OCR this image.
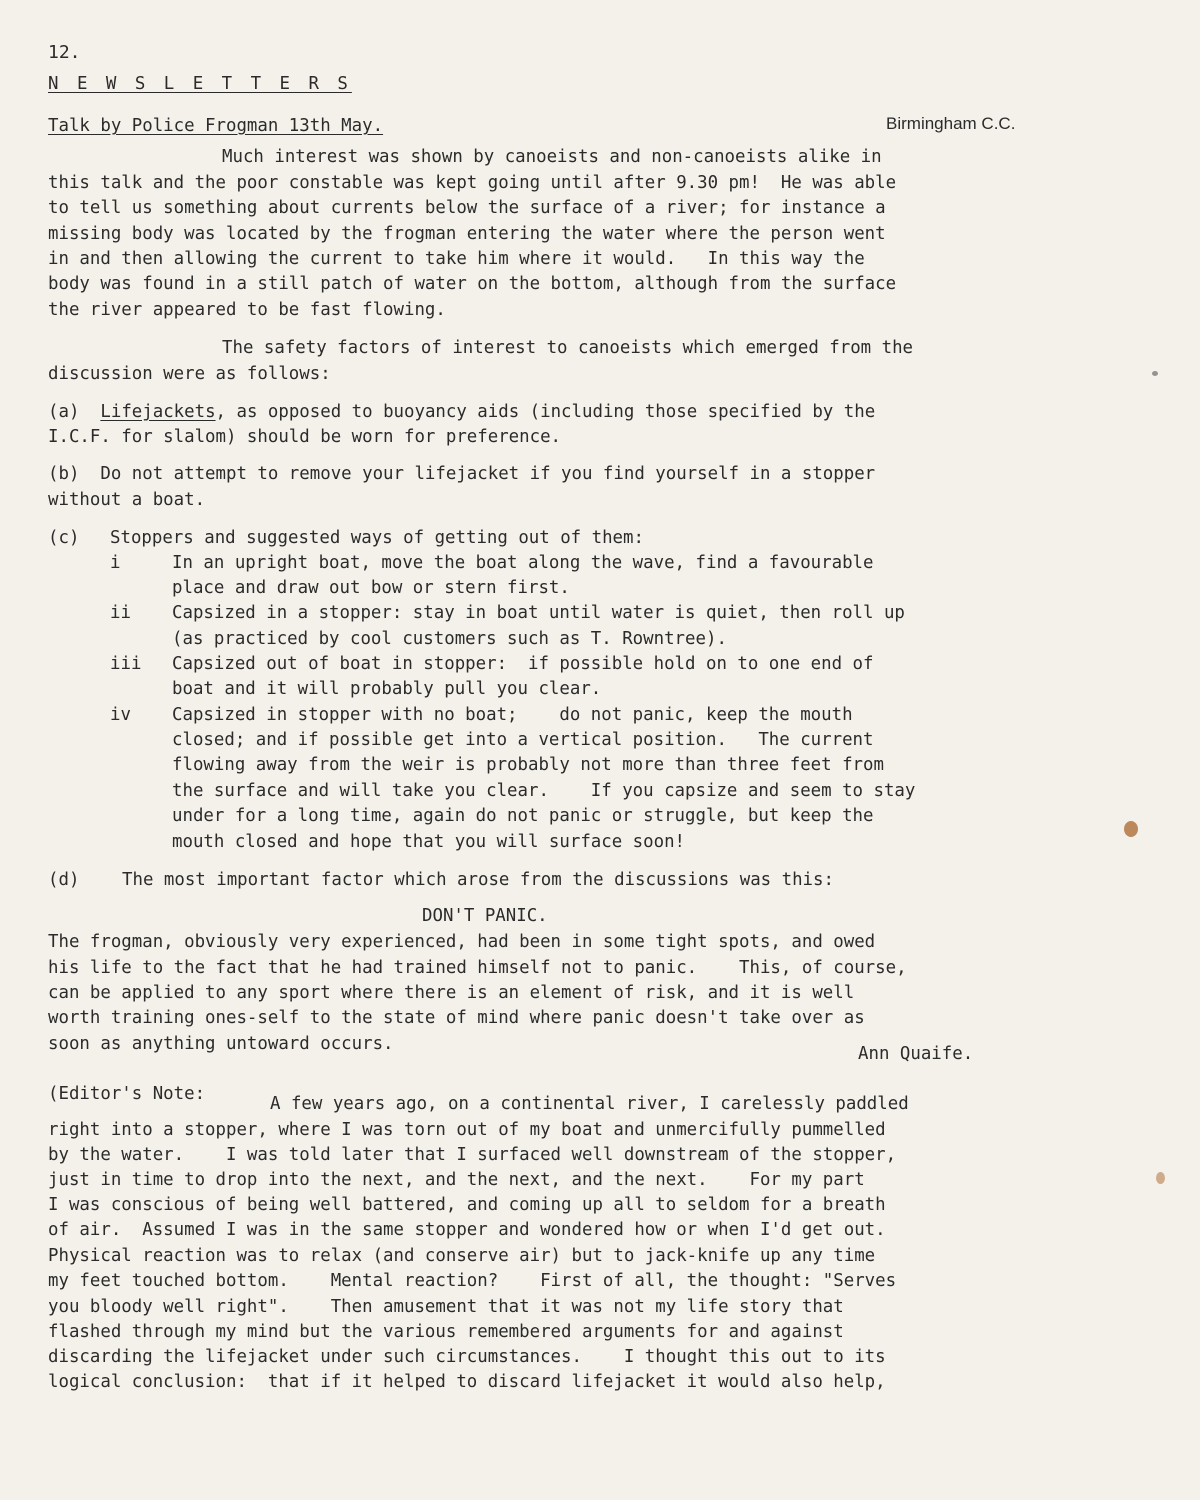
12.
N E W S L E T T E R S
Talk by Police Frogman 13th May.	Birmingham C.C.
Much interest was shown by canoeists and non-canoeists alike in
this talk and the poor constable was kept going until after 9.30 pm!  He was able
to tell us something about currents below the surface of a river; for instance a
missing body was located by the frogman entering the water where the person went
in and then allowing the current to take him where it would.   In this way the
body was found in a still patch of water on the bottom, although from the surface
the river appeared to be fast flowing.
The safety factors of interest to canoeists which emerged from the
discussion were as follows:
(a) Lifejackets, as opposed to buoyancy aids (including those specified by the
I.C.F. for slalom) should be worn for preference.
(b)  Do not attempt to remove your lifejacket if you find yourself in a stopper
without a boat.
(c) Stoppers and suggested ways of getting out of them:
i	In an upright boat, move the boat along the wave, find a favourable
place and draw out bow or stern first.
ii Capsized in a stopper: stay in boat until water is quiet, then roll up
(as practiced by cool customers such as T. Rowntree).
iii Capsized out of boat in stopper:  if possible hold on to one end of
boat and it will probably pull you clear.
iv Capsized in stopper with no boat;    do not panic, keep the mouth
closed; and if possible get into a vertical position.   The current
flowing away from the weir is probably not more than three feet from
the surface and will take you clear.    If you capsize and seem to stay
under for a long time, again do not panic or struggle, but keep the
mouth closed and hope that you will surface soon!
(d) The most important factor which arose from the discussions was this:
DON'T PANIC.
The frogman, obviously very experienced, had been in some tight spots, and owed
his life to the fact that he had trained himself not to panic.    This, of course,
can be applied to any sport where there is an element of risk, and it is well
worth training ones-self to the state of mind where panic doesn't take over as
soon as anything untoward occurs.	Ann Quaife.
(Editor's Note:	A few years ago, on a continental river, I carelessly paddled
right into a stopper, where I was torn out of my boat and unmercifully pummelled
by the water.    I was told later that I surfaced well downstream of the stopper,
just in time to drop into the next, and the next, and the next.    For my part
I was conscious of being well battered, and coming up all to seldom for a breath
of air.  Assumed I was in the same stopper and wondered how or when I'd get out.
Physical reaction was to relax (and conserve air) but to jack-knife up any time
my feet touched bottom.    Mental reaction?    First of all, the thought: "Serves
you bloody well right".    Then amusement that it was not my life story that
flashed through my mind but the various remembered arguments for and against
discarding the lifejacket under such circumstances.    I thought this out to its
logical conclusion:  that if it helped to discard lifejacket it would also help,
